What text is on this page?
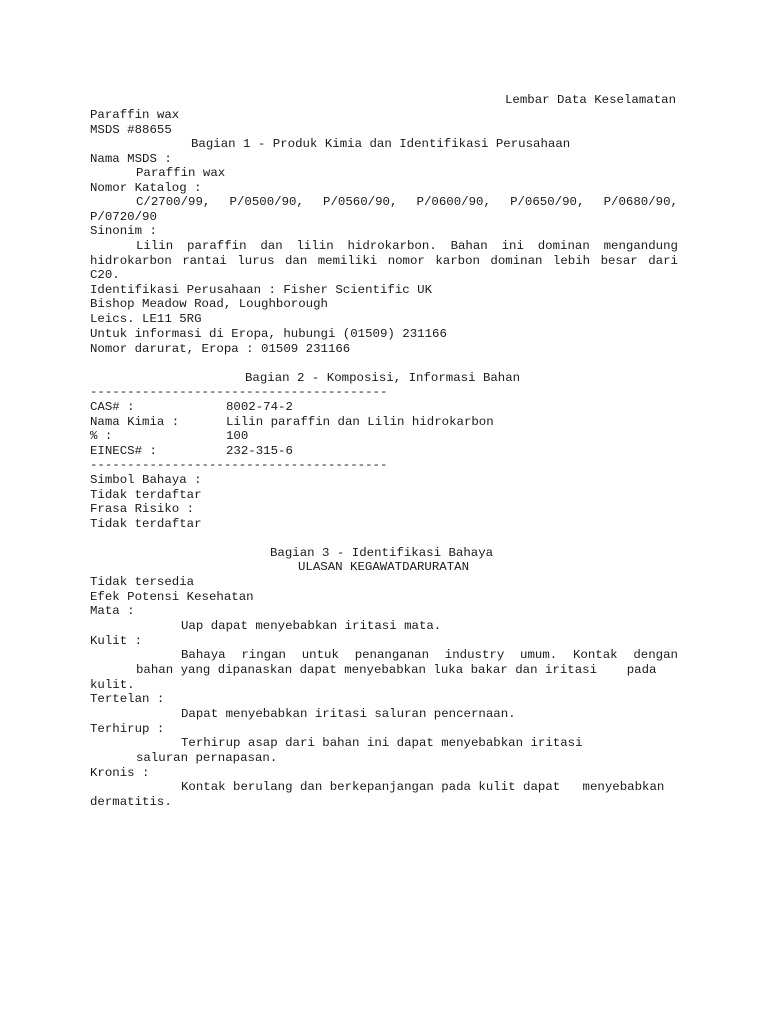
Lembar Data Keselamatan
Paraffin wax
MSDS #88655
Bagian 1 - Produk Kimia dan Identifikasi Perusahaan
Nama MSDS :
Paraffin wax
Nomor Katalog :
C/2700/99, P/0500/90, P/0560/90, P/0600/90, P/0650/90, P/0680/90,
P/0720/90
Sinonim :
Lilin paraffin dan lilin hidrokarbon. Bahan ini dominan mengandung
hidrokarbon rantai lurus dan memiliki nomor karbon dominan lebih besar dari
C20.
Identifikasi Perusahaan : Fisher Scientific UK
Bishop Meadow Road, Loughborough
Leics. LE11 5RG
Untuk informasi di Eropa, hubungi (01509) 231166
Nomor darurat, Eropa : 01509 231166
Bagian 2 - Komposisi, Informasi Bahan
----------------------------------------
CAS# :	8002-74-2
Nama Kimia :	Lilin paraffin dan Lilin hidrokarbon
% :	100
EINECS# :	232-315-6
----------------------------------------
Simbol Bahaya :
Tidak terdaftar
Frasa Risiko :
Tidak terdaftar
Bagian 3 - Identifikasi Bahaya
ULASAN KEGAWATDARURATAN
Tidak tersedia
Efek Potensi Kesehatan
Mata :
Uap dapat menyebabkan iritasi mata.
Kulit :
Bahaya ringan untuk penanganan industry umum. Kontak dengan
bahan yang dipanaskan dapat menyebabkan luka bakar dan iritasi    pada
kulit.
Tertelan :
Dapat menyebabkan iritasi saluran pencernaan.
Terhirup :
Terhirup asap dari bahan ini dapat menyebabkan iritasi
saluran pernapasan.
Kronis :
Kontak berulang dan berkepanjangan pada kulit dapat   menyebabkan
dermatitis.
